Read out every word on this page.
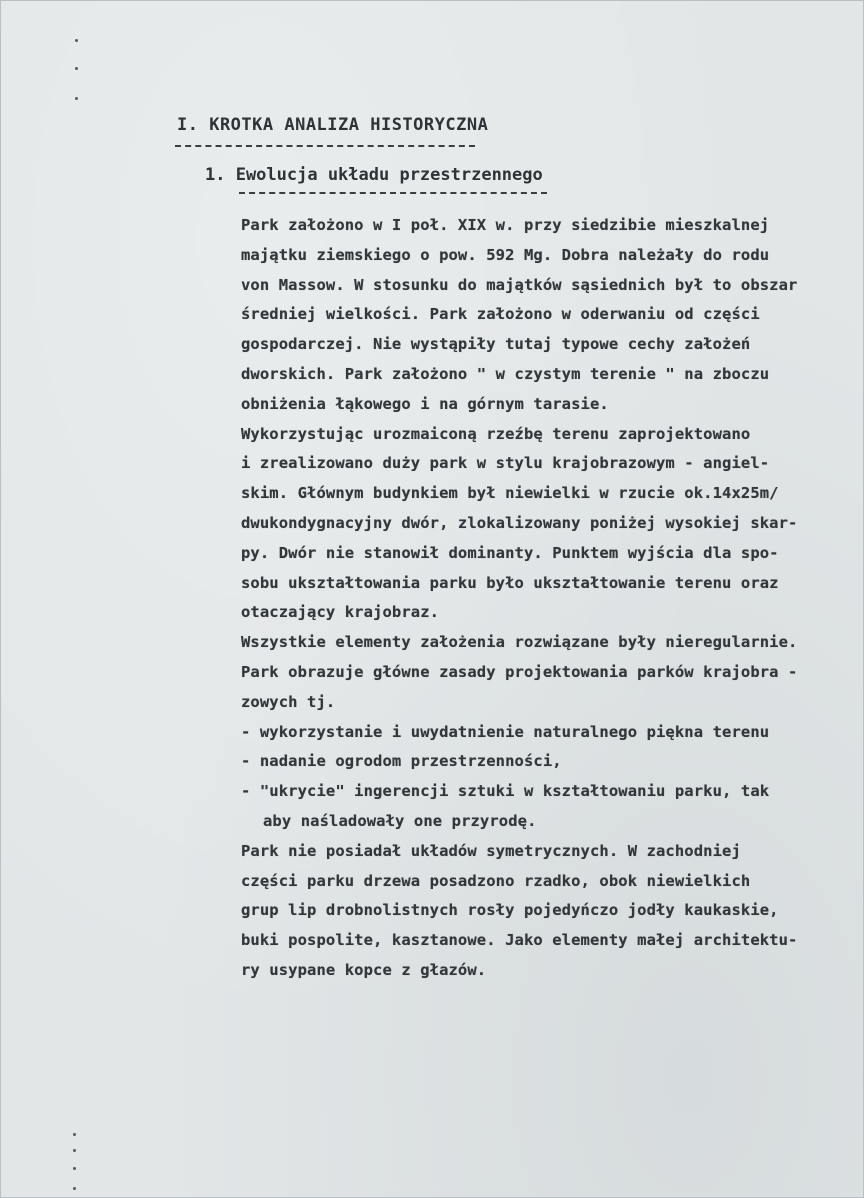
I. KROTKA ANALIZA HISTORYCZNA
1. Ewolucja układu przestrzennego
Park założono w I poł. XIX w. przy siedzibie mieszkalnej
majątku ziemskiego o pow. 592 Mg. Dobra należały do rodu
von Massow. W stosunku do majątków sąsiednich był to obszar
średniej wielkości. Park założono w oderwaniu od części
gospodarczej. Nie wystąpiły tutaj typowe cechy założeń
dworskich. Park założono " w czystym terenie " na zboczu
obniżenia łąkowego i na górnym tarasie.
Wykorzystując urozmaiconą rzeźbę terenu zaprojektowano
i zrealizowano duży park w stylu krajobrazowym - angiel-
skim. Głównym budynkiem był niewielki w rzucie ok.14x25m/
dwukondygnacyjny dwór, zlokalizowany poniżej wysokiej skar-
py. Dwór nie stanowił dominanty. Punktem wyjścia dla spo-
sobu ukształtowania parku było ukształtowanie terenu oraz
otaczający krajobraz.
Wszystkie elementy założenia rozwiązane były nieregularnie.
Park obrazuje główne zasady projektowania parków krajobra -
zowych tj.
- wykorzystanie i uwydatnienie naturalnego piękna terenu
- nadanie ogrodom przestrzenności,
- "ukrycie" ingerencji sztuki w kształtowaniu parku, tak
aby naśladowały one przyrodę.
Park nie posiadał układów symetrycznych. W zachodniej
części parku drzewa posadzono rzadko, obok niewielkich
grup lip drobnolistnych rosły pojedyńczo jodły kaukaskie,
buki pospolite, kasztanowe. Jako elementy małej architektu-
ry usypane kopce z głazów.
